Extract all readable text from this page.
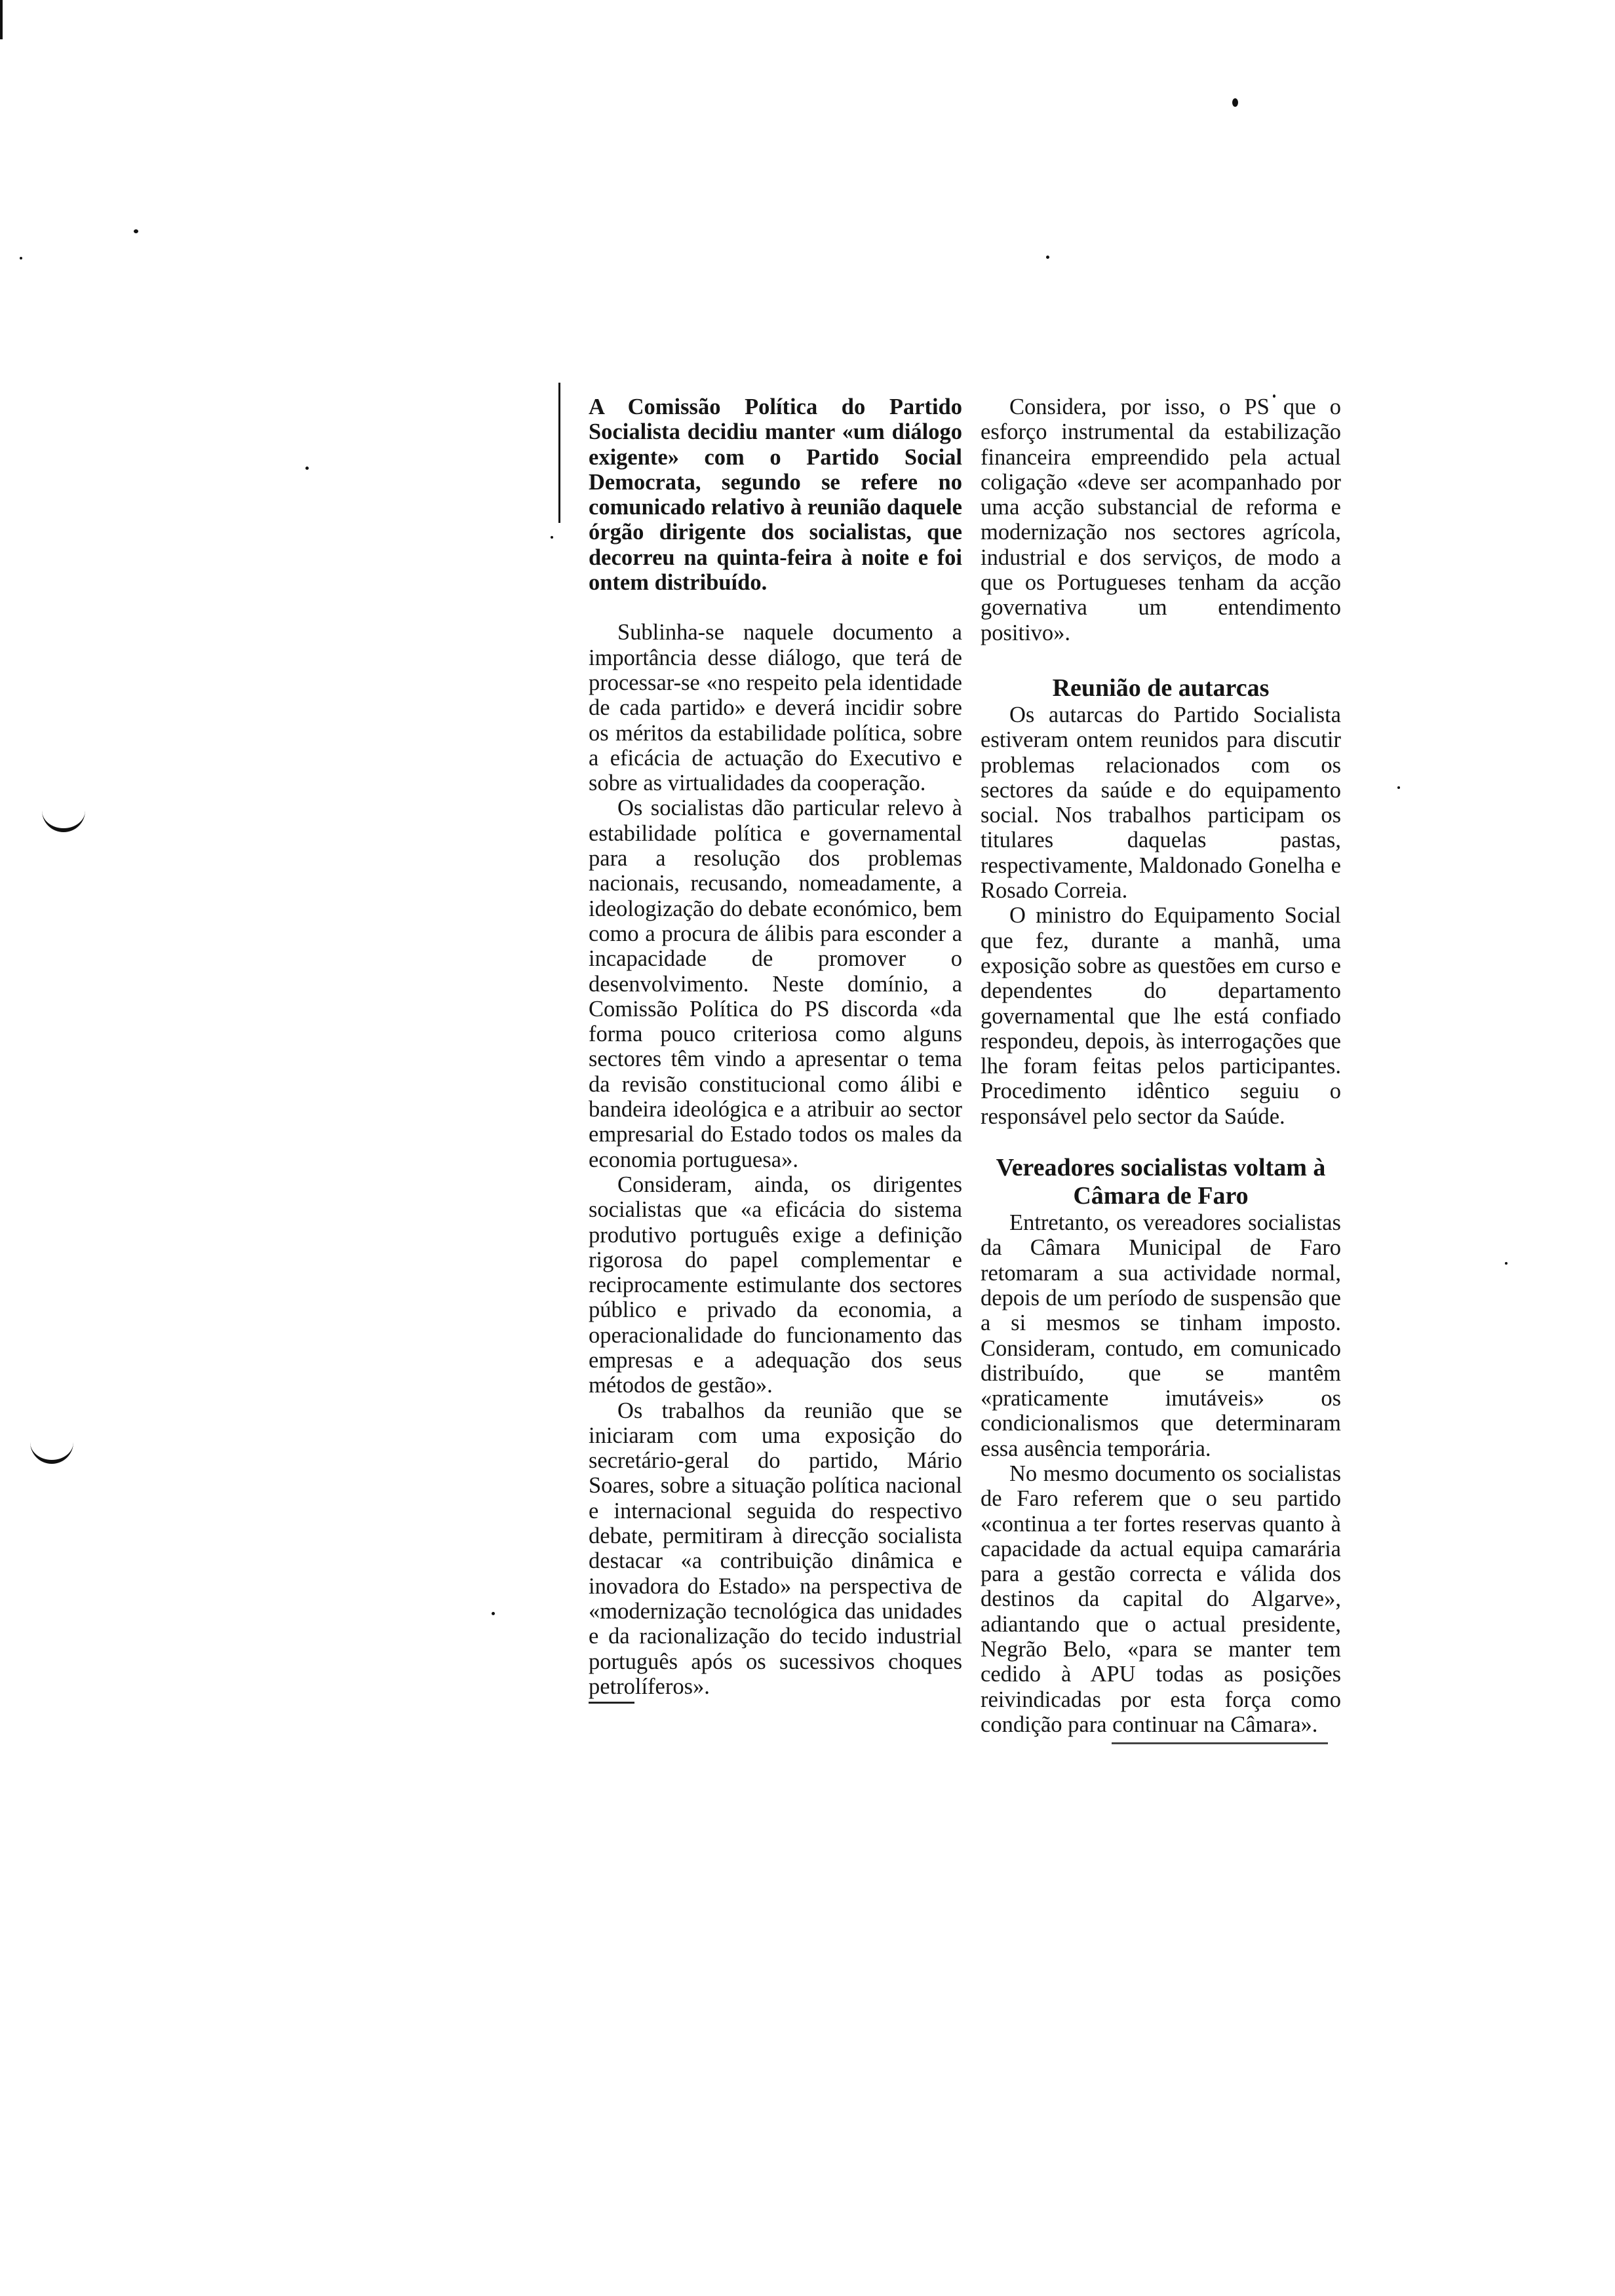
A Comissão Política do Partido Socialista decidiu manter «um diálogo exigente» com o Partido Social Democrata, segundo se refere no comunicado relativo à reunião daquele órgão dirigente dos socialistas, que decorreu na quinta-feira à noite e foi ontem distribuído.

Sublinha-se naquele documento a importância desse diálogo, que terá de processar-se «no respeito pela identidade de cada partido» e deverá incidir sobre os méritos da estabilidade política, sobre a eficácia de actuação do Executivo e sobre as virtualidades da cooperação.

Os socialistas dão particular relevo à estabilidade política e governamental para a resolução dos problemas nacionais, recusando, nomeadamente, a ideologização do debate económico, bem como a procura de álibis para esconder a incapacidade de promover o desenvolvimento. Neste domínio, a Comissão Política do PS discorda «da forma pouco criteriosa como alguns sectores têm vindo a apresentar o tema da revisão constitucional como álibi e bandeira ideológica e a atribuir ao sector empresarial do Estado todos os males da economia portuguesa».

Consideram, ainda, os dirigentes socialistas que «a eficácia do sistema produtivo português exige a definição rigorosa do papel complementar e reciprocamente estimulante dos sectores público e privado da economia, a operacionalidade do funcionamento das empresas e a adequação dos seus métodos de gestão».

Os trabalhos da reunião que se iniciaram com uma exposição do secretário-geral do partido, Mário Soares, sobre a situação política nacional e internacional seguida do respectivo debate, permitiram à direcção socialista destacar «a contribuição dinâmica e inovadora do Estado» na perspectiva de «modernização tecnológica das unidades e da racionalização do tecido industrial português após os sucessivos choques petrolíferos».

Considera, por isso, o PS que o esforço instrumental da estabilização financeira empreendido pela actual coligação «deve ser acompanhado por uma acção substancial de reforma e modernização nos sectores agrícola, industrial e dos serviços, de modo a que os Portugueses tenham da acção governativa um entendimento positivo».

Reunião de autarcas

Os autarcas do Partido Socialista estiveram ontem reunidos para discutir problemas relacionados com os sectores da saúde e do equipamento social. Nos trabalhos participam os titulares daquelas pastas, respectivamente, Maldonado Gonelha e Rosado Correia.

O ministro do Equipamento Social que fez, durante a manhã, uma exposição sobre as questões em curso e dependentes do departamento governamental que lhe está confiado respondeu, depois, às interrogações que lhe foram feitas pelos participantes. Procedimento idêntico seguiu o responsável pelo sector da Saúde.

Vereadores socialistas voltam à Câmara de Faro

Entretanto, os vereadores socialistas da Câmara Municipal de Faro retomaram a sua actividade normal, depois de um período de suspensão que a si mesmos se tinham imposto. Consideram, contudo, em comunicado distribuído, que se mantêm «praticamente imutáveis» os condicionalismos que determinaram essa ausência temporária.

No mesmo documento os socialistas de Faro referem que o seu partido «continua a ter fortes reservas quanto à capacidade da actual equipa camarária para a gestão correcta e válida dos destinos da capital do Algarve», adiantando que o actual presidente, Negrão Belo, «para se manter tem cedido à APU todas as posições reivindicadas por esta força como condição para continuar na Câmara».
